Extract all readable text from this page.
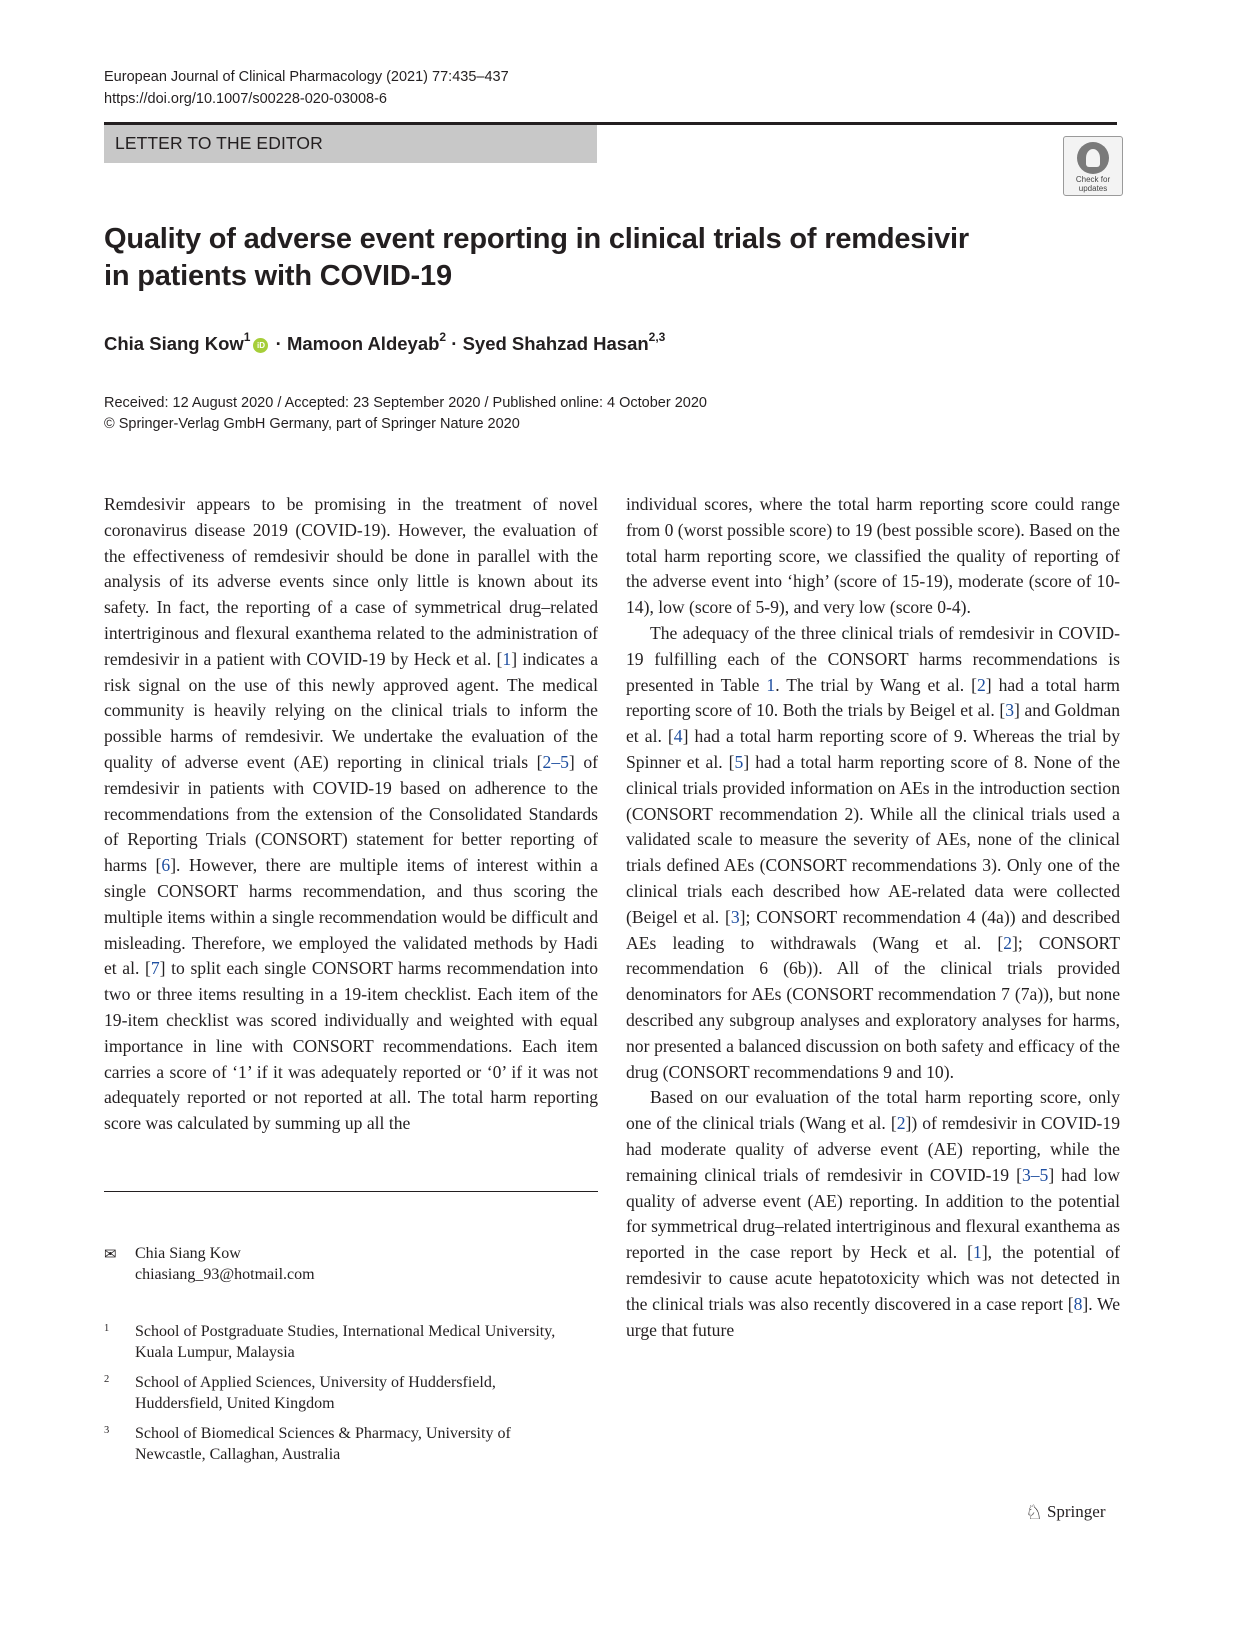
European Journal of Clinical Pharmacology (2021) 77:435–437
https://doi.org/10.1007/s00228-020-03008-6
LETTER TO THE EDITOR
Check for
updates
Quality of adverse event reporting in clinical trials of remdesivir
in patients with COVID-19
Chia Siang Kow$^1$iD · Mamoon Aldeyab$^2$ · Syed Shahzad Hasan$^{2,3}$
Received: 12 August 2020 / Accepted: 23 September 2020 / Published online: 4 October 2020
© Springer-Verlag GmbH Germany, part of Springer Nature 2020

Remdesivir appears to be promising in the treatment of novel coronavirus disease 2019 (COVID-19). However, the evaluation of the effectiveness of remdesivir should be done in parallel with the analysis of its adverse events since only little is known about its safety. In fact, the reporting of a case of symmetrical drug–related intertriginous and flexural exanthema related to the administration of remdesivir in a patient with COVID-19 by Heck et al. [1] indicates a risk signal on the use of this newly approved agent. The medical community is heavily relying on the clinical trials to inform the possible harms of remdesivir. We undertake the evaluation of the quality of adverse event (AE) reporting in clinical trials [2–5] of remdesivir in patients with COVID-19 based on adherence to the recommendations from the extension of the Consolidated Standards of Reporting Trials (CONSORT) statement for better reporting of harms [6]. However, there are multiple items of interest within a single CONSORT harms recommendation, and thus scoring the multiple items within a single recommendation would be difficult and misleading. Therefore, we employed the validated methods by Hadi et al. [7] to split each single CONSORT harms recommendation into two or three items resulting in a 19-item checklist. Each item of the 19-item checklist was scored individually and weighted with equal importance in line with CONSORT recommendations. Each item carries a score of ‘1’ if it was adequately reported or ‘0’ if it was not adequately reported or not reported at all. The total harm reporting score was calculated by summing up all the

individual scores, where the total harm reporting score could range from 0 (worst possible score) to 19 (best possible score). Based on the total harm reporting score, we classified the quality of reporting of the adverse event into ‘high’ (score of 15-19), moderate (score of 10-14), low (score of 5-9), and very low (score 0-4).

The adequacy of the three clinical trials of remdesivir in COVID-19 fulfilling each of the CONSORT harms recommendations is presented in Table 1. The trial by Wang et al. [2] had a total harm reporting score of 10. Both the trials by Beigel et al. [3] and Goldman et al. [4] had a total harm reporting score of 9. Whereas the trial by Spinner et al. [5] had a total harm reporting score of 8. None of the clinical trials provided information on AEs in the introduction section (CONSORT recommendation 2). While all the clinical trials used a validated scale to measure the severity of AEs, none of the clinical trials defined AEs (CONSORT recommendations 3). Only one of the clinical trials each described how AE-related data were collected (Beigel et al. [3]; CONSORT recommendation 4 (4a)) and described AEs leading to withdrawals (Wang et al. [2]; CONSORT recommendation 6 (6b)). All of the clinical trials provided denominators for AEs (CONSORT recommendation 7 (7a)), but none described any subgroup analyses and exploratory analyses for harms, nor presented a balanced discussion on both safety and efficacy of the drug (CONSORT recommendations 9 and 10).

Based on our evaluation of the total harm reporting score, only one of the clinical trials (Wang et al. [2]) of remdesivir in COVID-19 had moderate quality of adverse event (AE) reporting, while the remaining clinical trials of remdesivir in COVID-19 [3–5] had low quality of adverse event (AE) reporting. In addition to the potential for symmetrical drug–related intertriginous and flexural exanthema as reported in the case report by Heck et al. [1], the potential of remdesivir to cause acute hepatotoxicity which was not detected in the clinical trials was also recently discovered in a case report [8]. We urge that future

✉ Chia Siang Kow
chiasiang_93@hotmail.com
1 School of Postgraduate Studies, International Medical University,
Kuala Lumpur, Malaysia
2 School of Applied Sciences, University of Huddersfield,
Huddersfield, United Kingdom
3 School of Biomedical Sciences & Pharmacy, University of
Newcastle, Callaghan, Australia
♘ Springer
